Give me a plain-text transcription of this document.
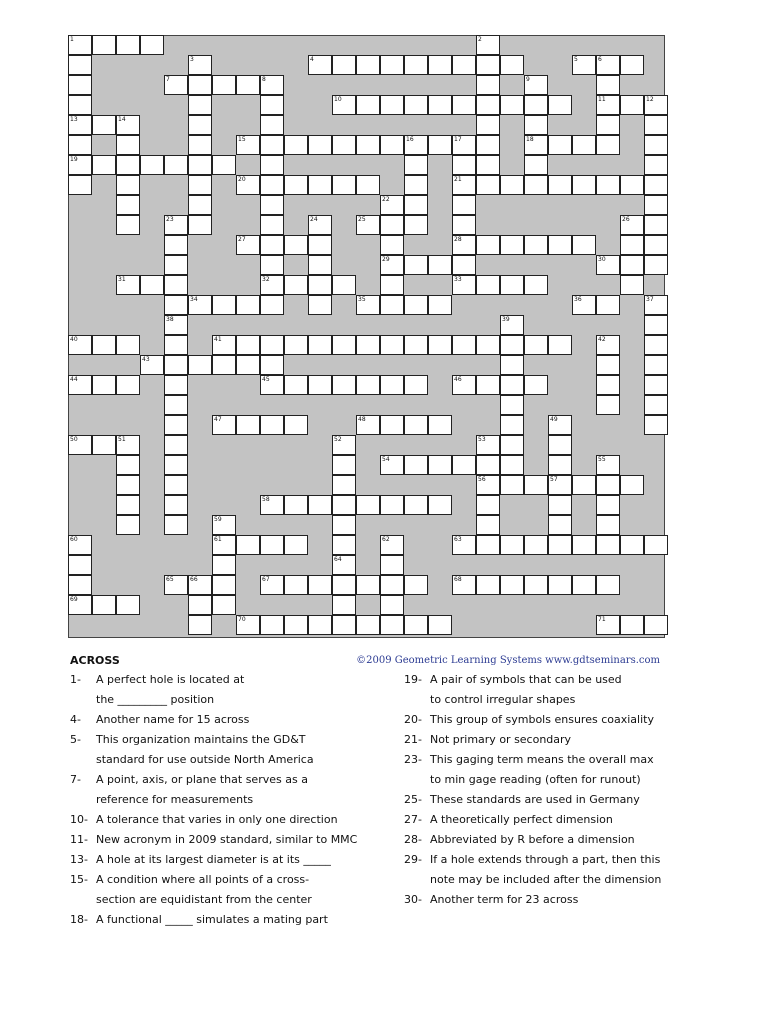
1
13
19
2
3	4	5	6
11
7	8
32
9
18
10	12
14
15	16	17
21
28
20
22
29
23
38
24	25	26
27
30
31	33
34	35	36	37
39
40	41	42
43
44	45	46
47	48	49
57
50	51	52	53
56
54	55
58
59
61
60
69
62	63
64
65	66	67	68
70	71
ACROSS	©2009 Geometric Learning Systems www.gdtseminars.com
1-	A perfect hole is located at
the _________ position
4-	Another name for 15 across
5-	This organization maintains the GD&T
standard for use outside North America
7-	A point, axis, or plane that serves as a
reference for measurements
10- A tolerance that varies in only one direction
11- New acronym in 2009 standard, similar to MMC
13- A hole at its largest diameter is at its _____
15- A condition where all points of a cross-
section are equidistant from the center
18- A functional _____ simulates a mating part
19- A pair of symbols that can be used
to control irregular shapes
20- This group of symbols ensures coaxiality
21- Not primary or secondary
23- This gaging term means the overall max
to min gage reading (often for runout)
25- These standards are used in Germany
27- A theoretically perfect dimension
28- Abbreviated by R before a dimension
29- If a hole extends through a part, then this
note may be included after the dimension
30- Another term for 23 across
